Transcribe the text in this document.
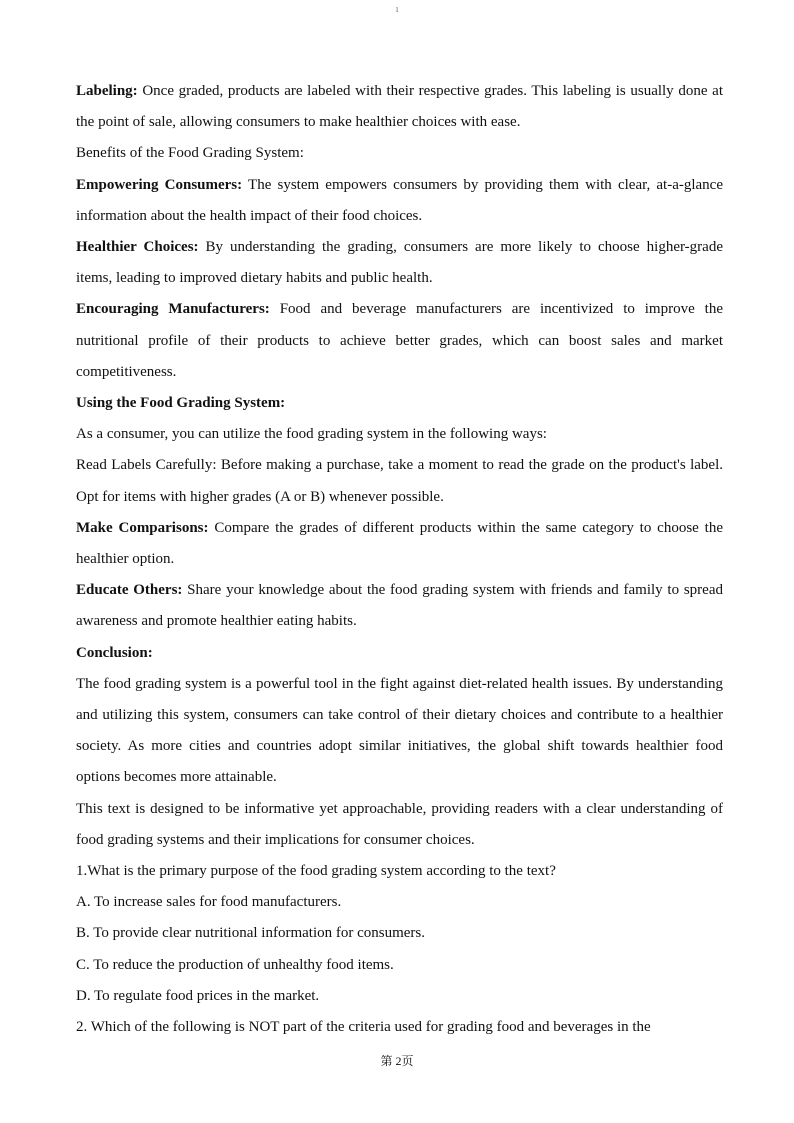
1

Labeling: Once graded, products are labeled with their respective grades. This labeling is usually done at the point of sale, allowing consumers to make healthier choices with ease.

Benefits of the Food Grading System:

Empowering Consumers: The system empowers consumers by providing them with clear, at-a-glance information about the health impact of their food choices.

Healthier Choices: By understanding the grading, consumers are more likely to choose higher-grade items, leading to improved dietary habits and public health.

Encouraging Manufacturers: Food and beverage manufacturers are incentivized to improve the nutritional profile of their products to achieve better grades, which can boost sales and market competitiveness.

Using the Food Grading System:

As a consumer, you can utilize the food grading system in the following ways:

Read Labels Carefully: Before making a purchase, take a moment to read the grade on the product's label. Opt for items with higher grades (A or B) whenever possible.

Make Comparisons: Compare the grades of different products within the same category to choose the healthier option.

Educate Others: Share your knowledge about the food grading system with friends and family to spread awareness and promote healthier eating habits.

Conclusion:

The food grading system is a powerful tool in the fight against diet-related health issues. By understanding and utilizing this system, consumers can take control of their dietary choices and contribute to a healthier society. As more cities and countries adopt similar initiatives, the global shift towards healthier food options becomes more attainable.

This text is designed to be informative yet approachable, providing readers with a clear understanding of food grading systems and their implications for consumer choices.

1.What is the primary purpose of the food grading system according to the text?

A. To increase sales for food manufacturers.

B. To provide clear nutritional information for consumers.

C. To reduce the production of unhealthy food items.

D. To regulate food prices in the market.

2. Which of the following is NOT part of the criteria used for grading food and beverages in the

第 2页
